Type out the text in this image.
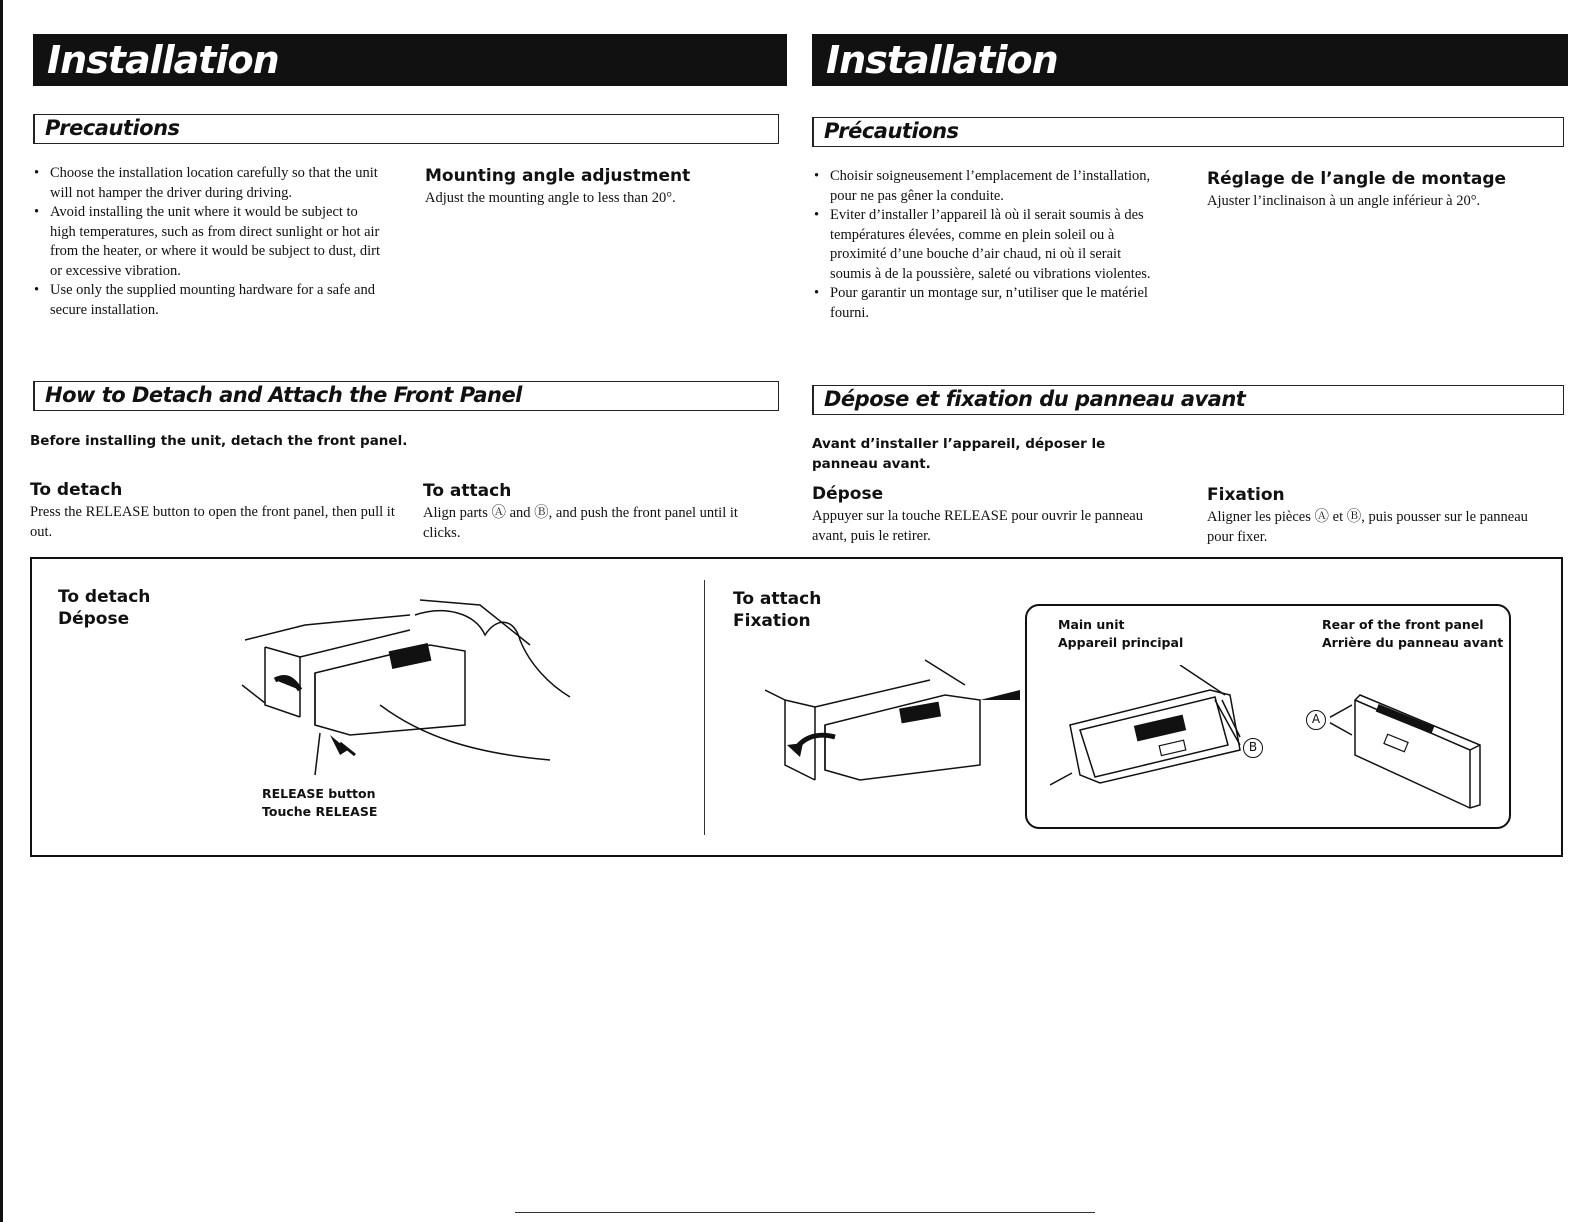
Installation
Precautions
• Choose the installation location carefully so that the unit will not hamper the driver during driving.
• Avoid installing the unit where it would be subject to high temperatures, such as from direct sunlight or hot air from the heater, or where it would be subject to dust, dirt or excessive vibration.
• Use only the supplied mounting hardware for a safe and secure installation.
Mounting angle adjustment
Adjust the mounting angle to less than 20°.
How to Detach and Attach the Front Panel
Before installing the unit, detach the front panel.
To detach
Press the RELEASE button to open the front panel, then pull it out.
To attach
Align parts Ⓐ and Ⓑ, and push the front panel until it clicks.
Installation
Précautions
• Choisir soigneusement l’emplacement de l’installation, pour ne pas gêner la conduite.
• Eviter d’installer l’appareil là où il serait soumis à des températures élevées, comme en plein soleil ou à proximité d’une bouche d’air chaud, ni où il serait soumis à de la poussière, saleté ou vibrations violentes.
• Pour garantir un montage sur, n’utiliser que le matériel fourni.
Réglage de l’angle de montage
Ajuster l’inclinaison à un angle inférieur à 20°.
Dépose et fixation du panneau avant
Avant d’installer l’appareil, déposer le panneau avant.
Dépose
Appuyer sur la touche RELEASE pour ouvrir le panneau avant, puis le retirer.
Fixation
Aligner les pièces Ⓐ et Ⓑ, puis pousser sur le panneau pour fixer.
To detach
Dépose
To attach
Fixation
RELEASE button
Touche RELEASE
Main unit
Appareil principal
Rear of the front panel
Arrière du panneau avant
B
A
